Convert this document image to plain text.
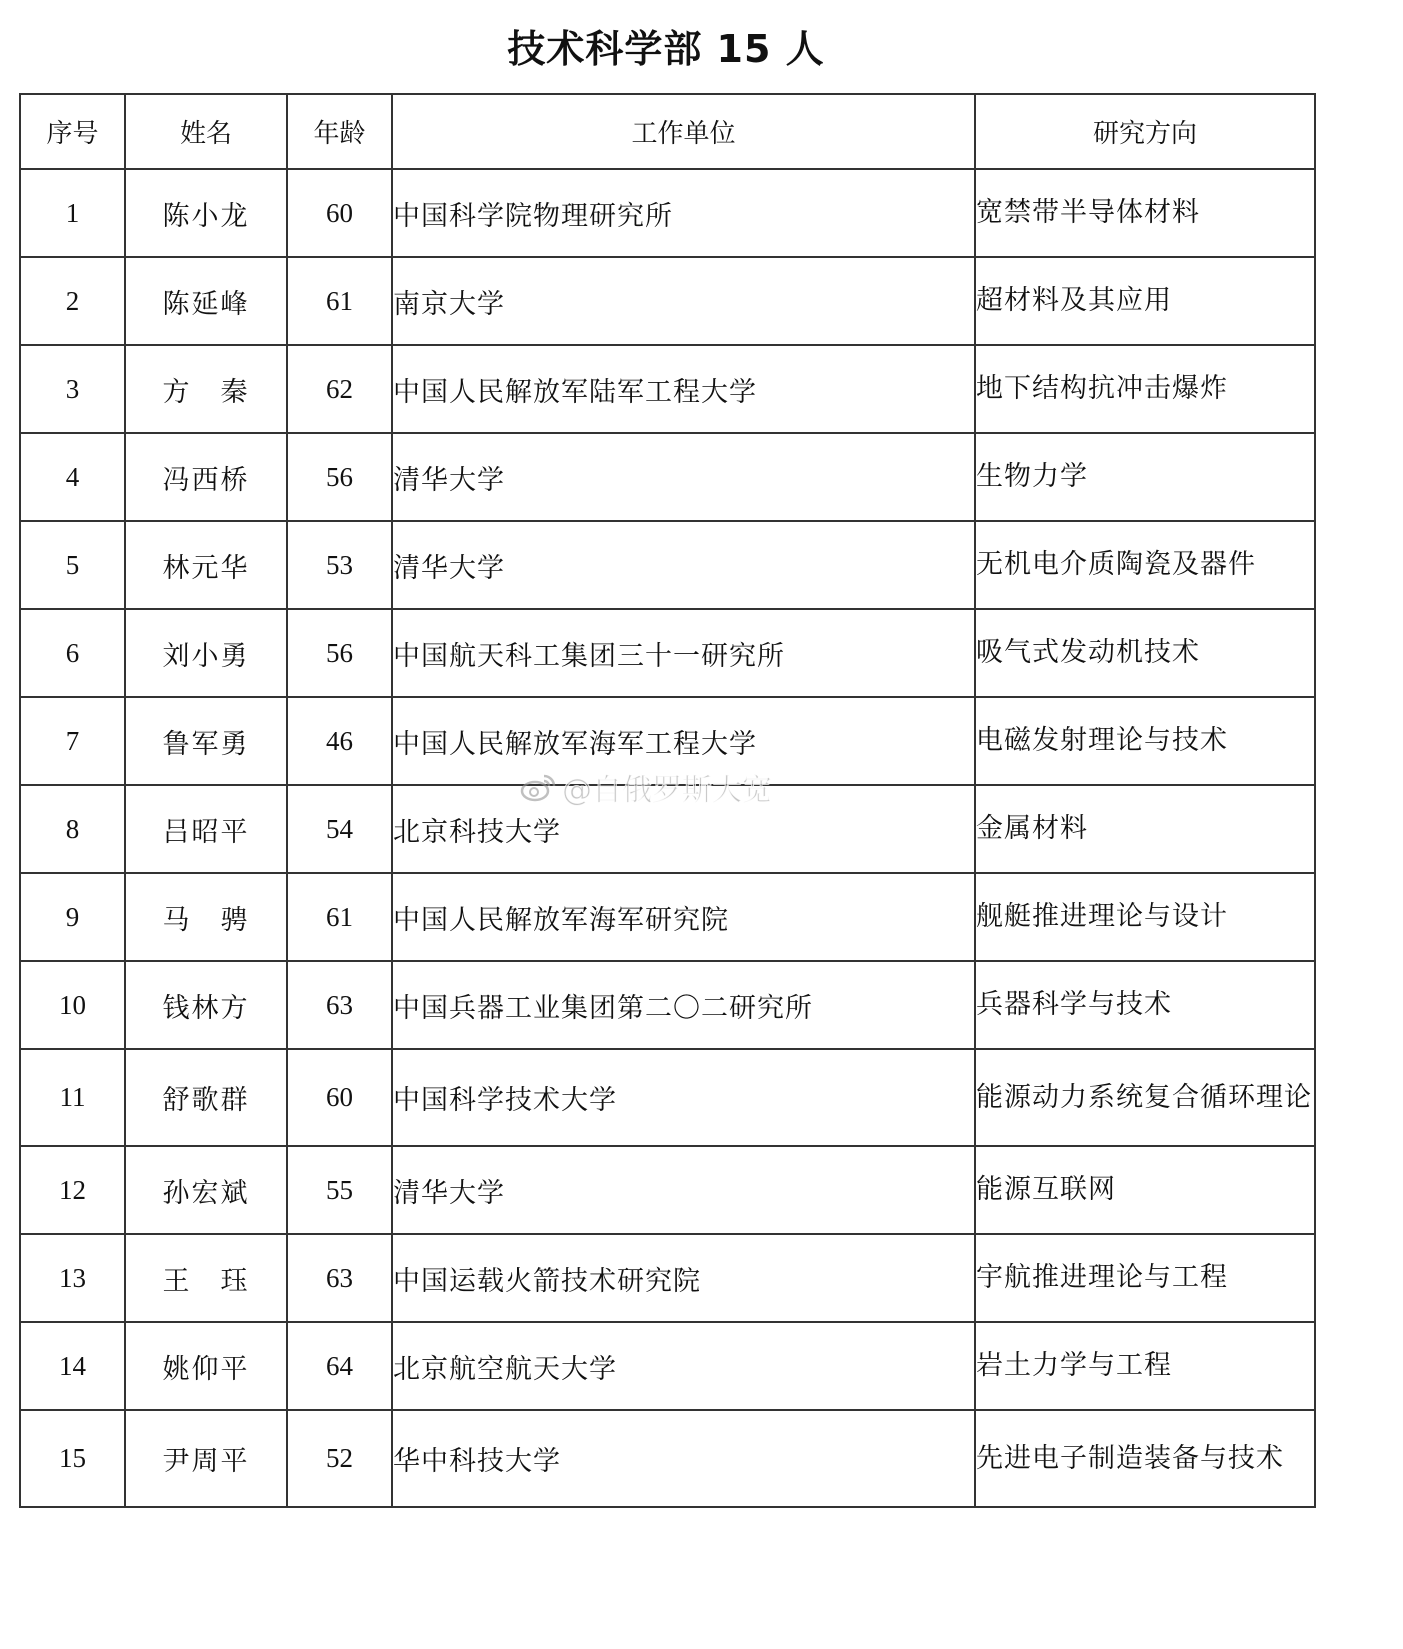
技术科学部 15 人
序号	姓名	年龄	工作单位	研究方向
1	陈小龙	60	中国科学院物理研究所	宽禁带半导体材料
2	陈延峰	61	南京大学	超材料及其应用
3	方　秦	62	中国人民解放军陆军工程大学	地下结构抗冲击爆炸
4	冯西桥	56	清华大学	生物力学
5	林元华	53	清华大学	无机电介质陶瓷及器件
6	刘小勇	56	中国航天科工集团三十一研究所	吸气式发动机技术
7	鲁军勇	46	中国人民解放军海军工程大学	电磁发射理论与技术
8	吕昭平	54	北京科技大学	金属材料
9	马　骋	61	中国人民解放军海军研究院	舰艇推进理论与设计
10	钱林方	63	中国兵器工业集团第二〇二研究所	兵器科学与技术
11	舒歌群	60	中国科学技术大学	能源动力系统复合循环理论
12	孙宏斌	55	清华大学	能源互联网
13	王　珏	63	中国运载火箭技术研究院	宇航推进理论与工程
14	姚仰平	64	北京航空航天大学	岩土力学与工程
15	尹周平	52	华中科技大学	先进电子制造装备与技术
@自俄罗斯大宽
